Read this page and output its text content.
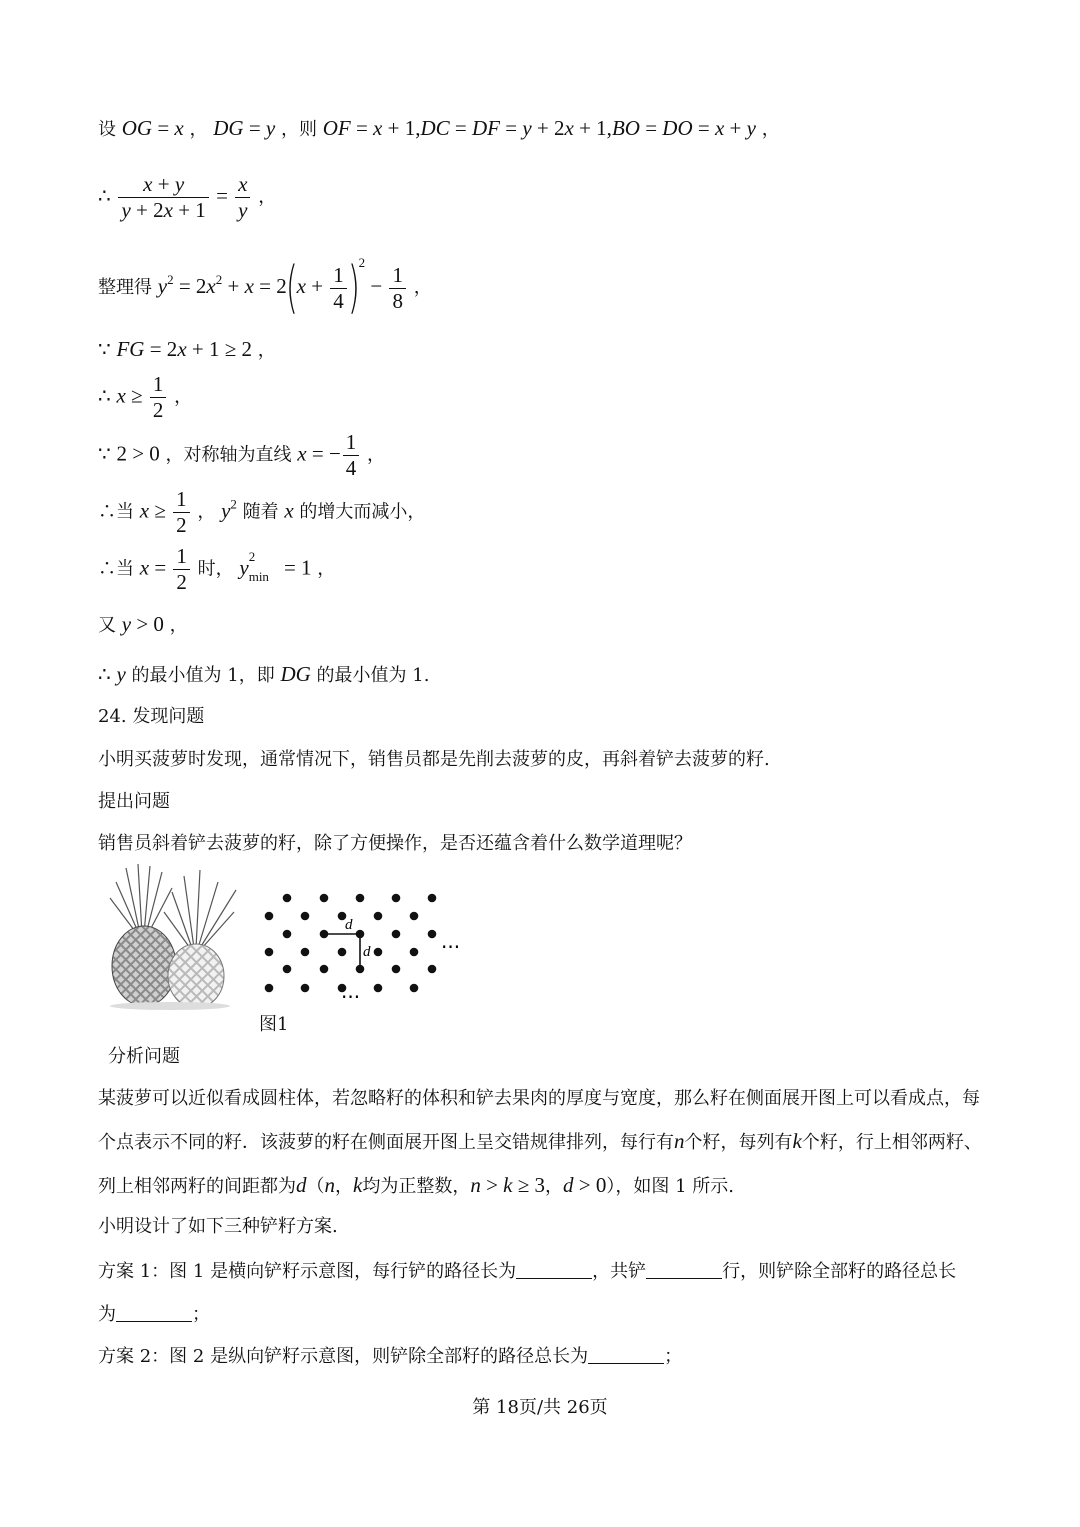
设 OG = x ， DG = y ，则 OF = x + 1,DC = DF = y + 2x + 1,BO = DO = x + y ，
∴ $\frac{x + y}{y + 2x + 1} = \frac{x}{y}$ ，
整理得 $y^2 = 2x^2 + x = 2(x + \frac{1}{4} )^2 - \frac{1}{8}$ ，
∵ FG = 2x + 1 ≥ 2 ，
∴ $x \ge \frac{1}{2}$ ，
∵ 2 > 0 ，对称轴为直线 x = − $\frac{1}{4}$ ，
∴当 $x \ge \frac{1}{2}$ ， $y^2$ 随着 x 的增大而减小，
∴当 $x = \frac{1}{2}$ 时， y 2
min = 1 ，
又 y > 0 ，
∴ y 的最小值为 1，即 DG 的最小值为 1.
24. 发现问题
小明买菠萝时发现，通常情况下，销售员都是先削去菠萝的皮，再斜着铲去菠萝的籽.
提出问题
销售员斜着铲去菠萝的籽，除了方便操作，是否还蕴含着什么数学道理呢？
d
d	···
···
图1
分析问题
某菠萝可以近似看成圆柱体，若忽略籽的体积和铲去果肉的厚度与宽度，那么籽在侧面展开图上可以看成点，每个点表示不同的籽．该菠萝的籽在侧面展开图上呈交错规律排列，每行有n个籽，每列有k个籽，行上相邻两籽、列上相邻两籽的间距都为d（n，k均为正整数，n > k ≥ 3，d > 0），如图 1 所示.
小明设计了如下三种铲籽方案.
方案 1：图 1 是横向铲籽示意图，每行铲的路径长为	，共铲	行，则铲除全部籽的路径总长
为	；
方案 2：图 2 是纵向铲籽示意图，则铲除全部籽的路径总长为	；
第 18页/共 26页
